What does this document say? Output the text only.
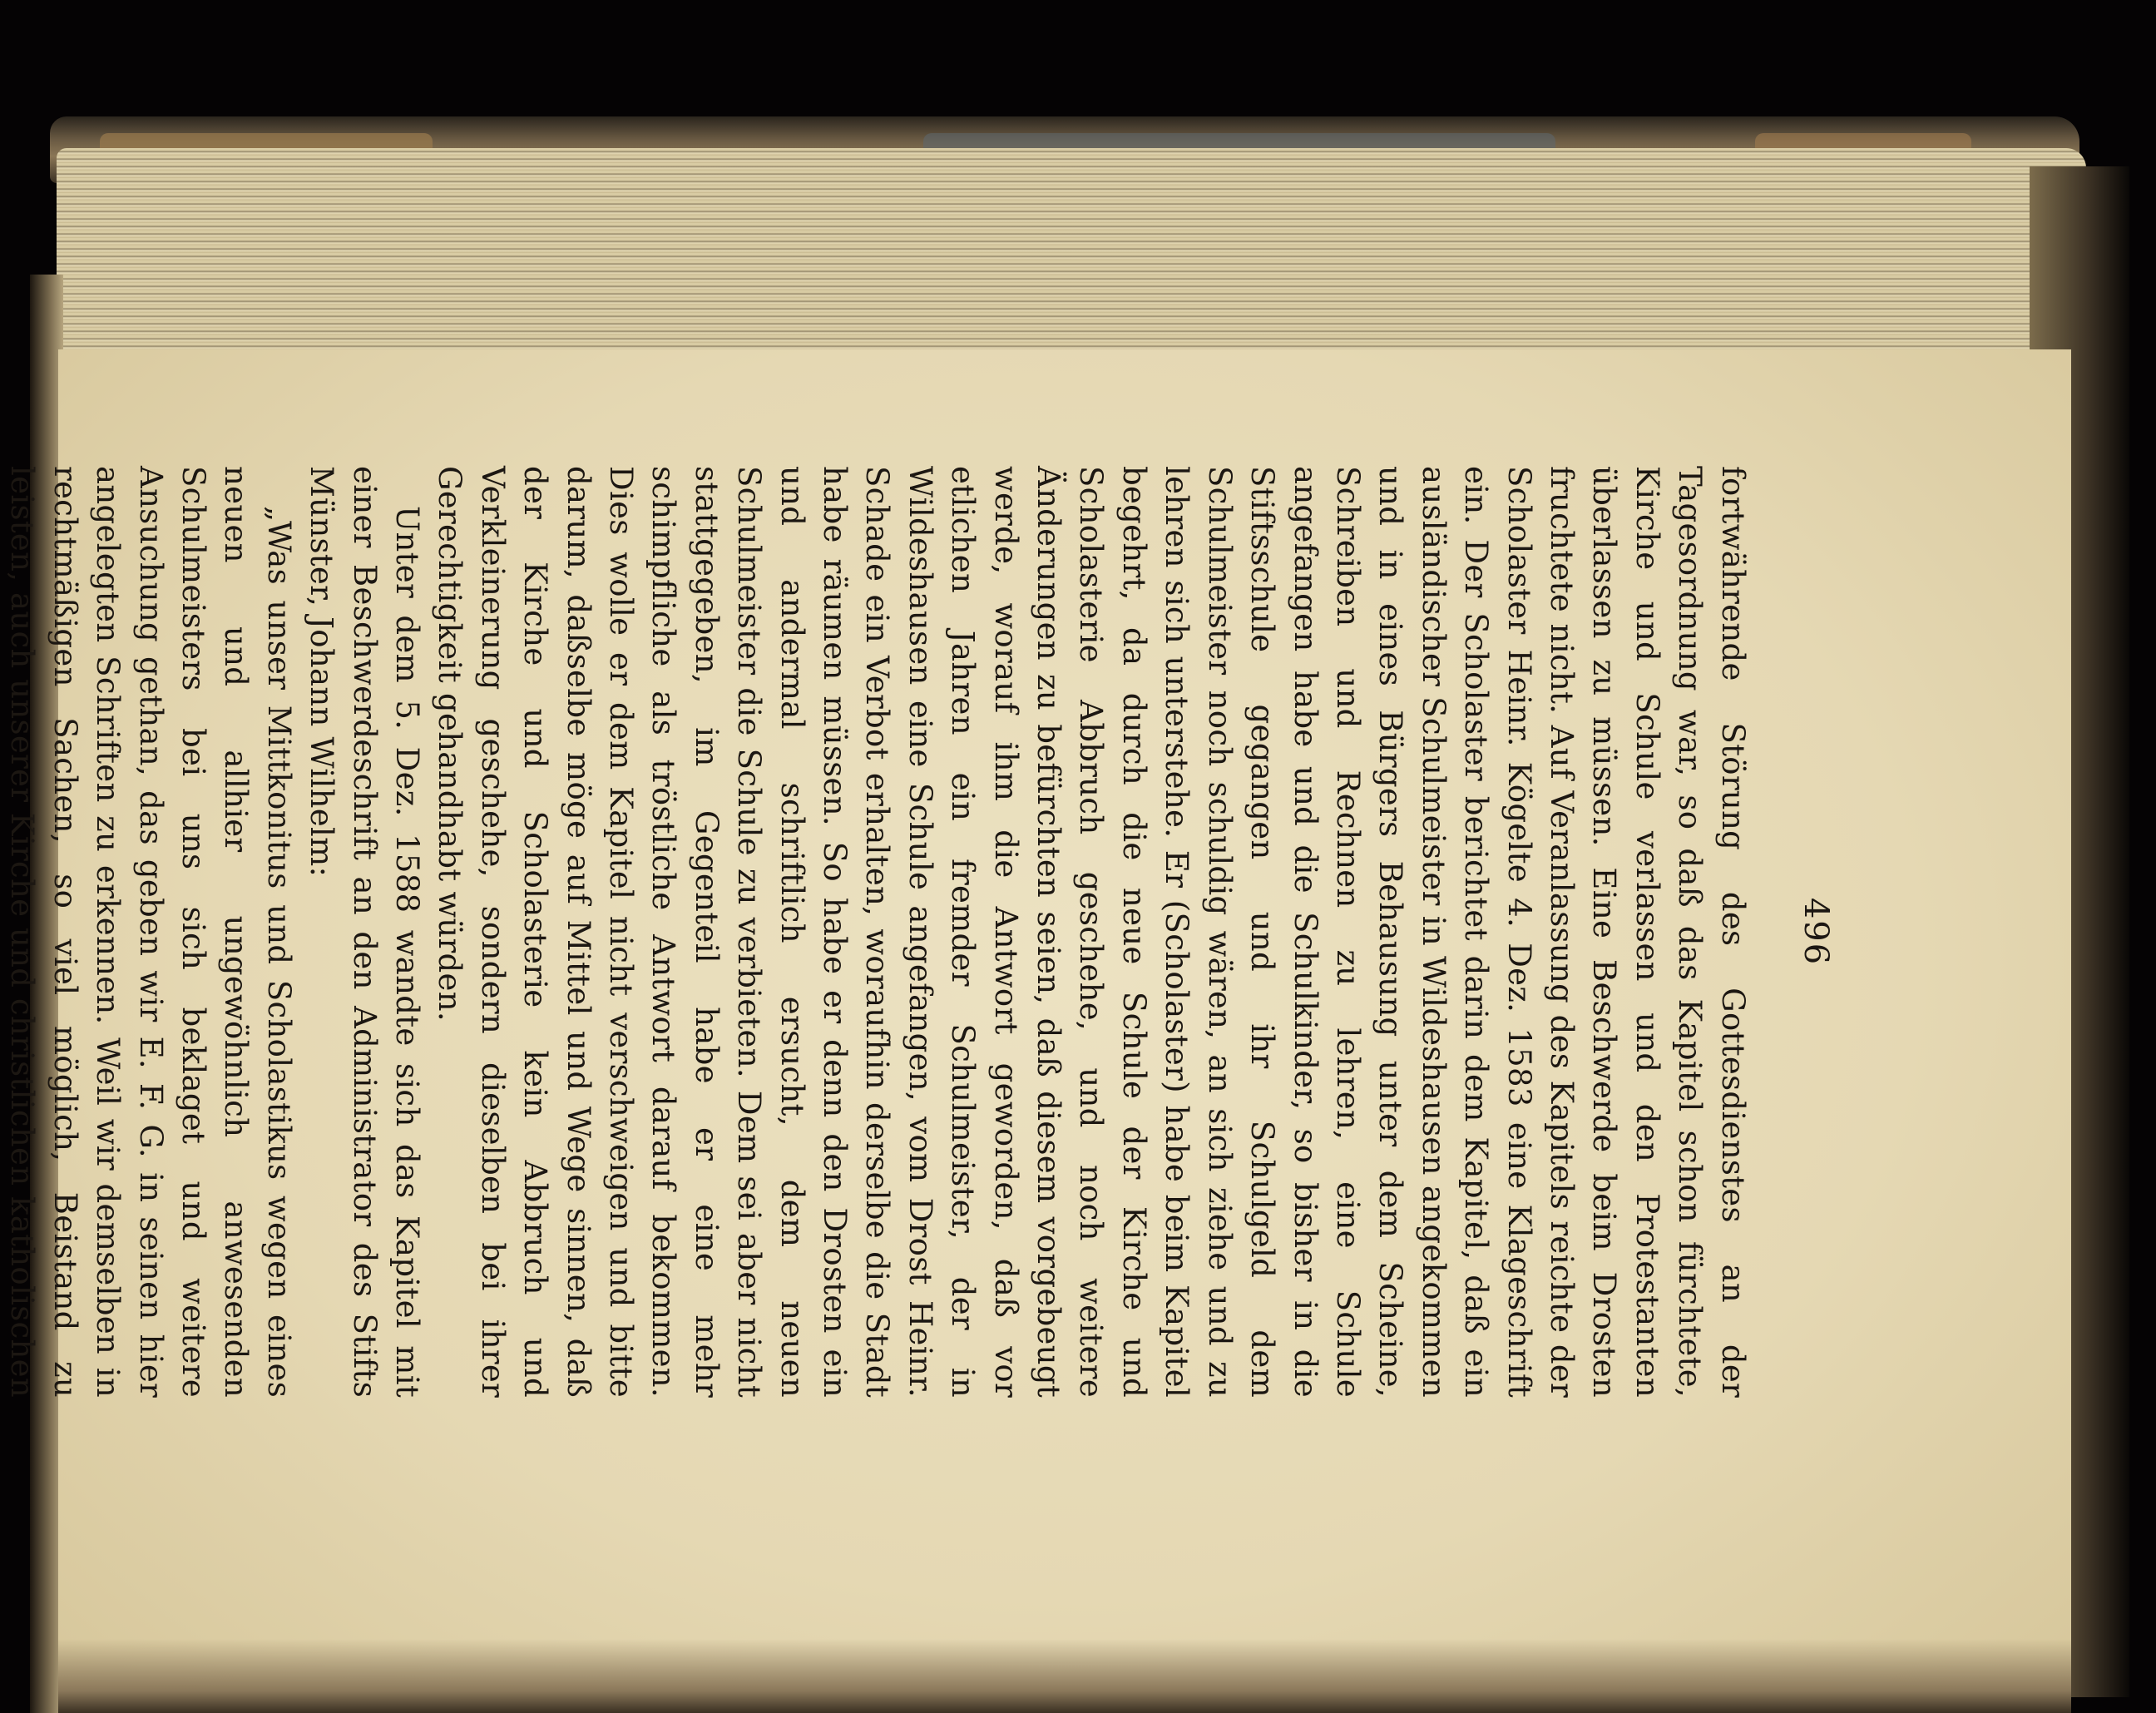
496

fortwährende Störung des Gottesdienstes an der Tagesordnung war, so daß das Kapitel schon fürchtete, Kirche und Schule verlassen und den Protestanten überlassen zu müssen. Eine Beschwerde beim Drosten fruchtete nicht. Auf Veranlassung des Kapitels reichte der Scholaster Heinr. Kögelte 4. Dez. 1583 eine Klageschrift ein. Der Scholaster berichtet darin dem Kapitel, daß ein ausländischer Schulmeister in Wildeshausen angekommen und in eines Bürgers Behausung unter dem Scheine, Schreiben und Rechnen zu lehren, eine Schule angefangen habe und die Schulkinder, so bisher in die Stiftsschule gegangen und ihr Schulgeld dem Schulmeister noch schuldig wären, an sich ziehe und zu lehren sich unterstehe. Er (Scholaster) habe beim Kapitel begehrt, da durch die neue Schule der Kirche und Scholasterie Abbruch geschehe, und noch weitere Änderungen zu befürchten seien, daß diesem vorgebeugt werde, worauf ihm die Antwort geworden, daß vor etlichen Jahren ein fremder Schulmeister, der in Wildeshausen eine Schule angefangen, vom Drost Heinr. Schade ein Verbot erhalten, woraufhin derselbe die Stadt habe räumen müssen. So habe er denn den Drosten ein und andermal schriftlich ersucht, dem neuen Schulmeister die Schule zu verbieten. Dem sei aber nicht stattgegeben, im Gegenteil habe er eine mehr schimpfliche als tröstliche Antwort darauf bekommen. Dies wolle er dem Kapitel nicht verschweigen und bitte darum, daßselbe möge auf Mittel und Wege sinnen, daß der Kirche und Scholasterie kein Abbruch und Verkleinerung geschehe, sondern dieselben bei ihrer Gerechtigkeit gehandhabt würden.

Unter dem 5. Dez. 1588 wandte sich das Kapitel mit einer Beschwerdeschrift an den Administrator des Stifts Münster, Johann Wilhelm:

„Was unser Mittkonitus und Scholastikus wegen eines neuen und allhier ungewöhnlich anwesenden Schulmeisters bei uns sich beklaget und weitere Ansuchung gethan, das geben wir E. F. G. in seinen hier angelegten Schriften zu erkennen. Weil wir demselben in rechtmäßigen Sachen, so viel möglich, Beistand zu leisten, auch unserer Kirche und christlichen katholischen
